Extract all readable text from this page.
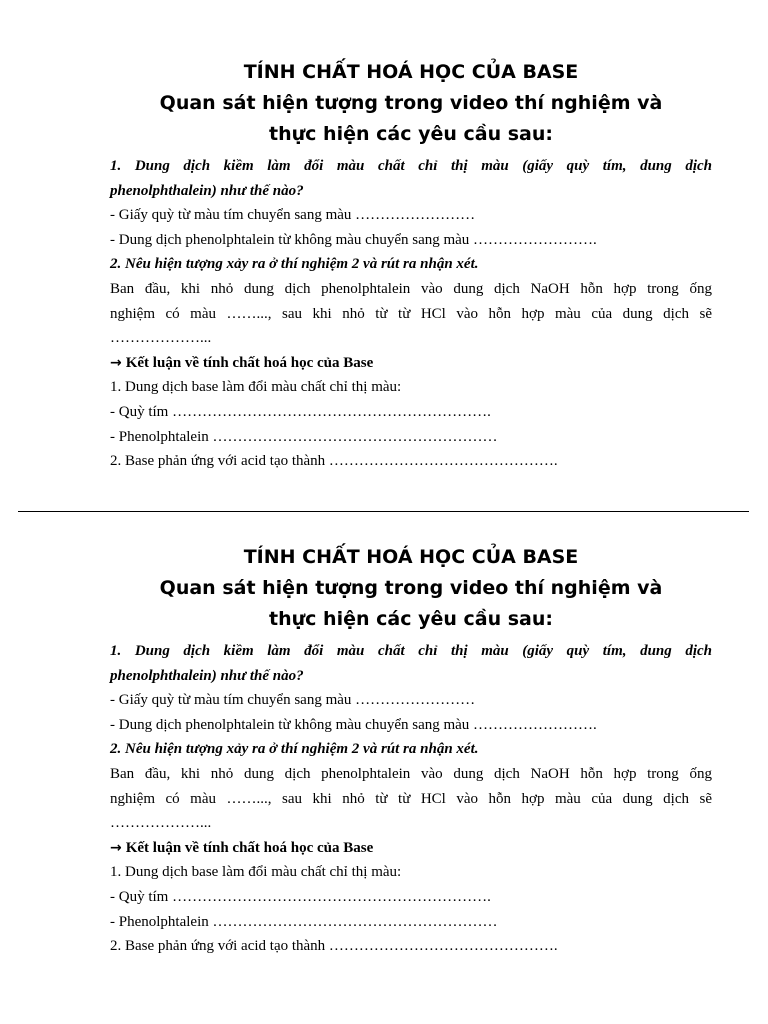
TÍNH CHẤT HOÁ HỌC CỦA BASE

Quan sát hiện tượng trong video thí nghiệm và

thực hiện các yêu cầu sau:

1. Dung dịch kiềm làm đổi màu chất chỉ thị màu (giấy quỳ tím, dung dịch

phenolphthalein) như thế nào?

- Giấy quỳ từ màu tím chuyển sang màu ……………………

- Dung dịch phenolphtalein từ không màu chuyển sang màu …………………….

2. Nêu hiện tượng xảy ra ở thí nghiệm 2 và rút ra nhận xét.

Ban đầu, khi nhỏ dung dịch phenolphtalein vào dung dịch NaOH hỗn hợp trong ống

nghiệm có màu ……..., sau khi nhỏ từ từ HCl vào hỗn hợp màu của dung dịch sẽ

………………...

→ Kết luận về tính chất hoá học của Base

1. Dung dịch base làm đổi màu chất chỉ thị màu:

- Quỳ tím ……………………………………………………….

- Phenolphtalein …………………………………………………

2. Base phản ứng với acid tạo thành ……………………………………….

TÍNH CHẤT HOÁ HỌC CỦA BASE

Quan sát hiện tượng trong video thí nghiệm và

thực hiện các yêu cầu sau:

1. Dung dịch kiềm làm đổi màu chất chỉ thị màu (giấy quỳ tím, dung dịch

phenolphthalein) như thế nào?

- Giấy quỳ từ màu tím chuyển sang màu ……………………

- Dung dịch phenolphtalein từ không màu chuyển sang màu …………………….

2. Nêu hiện tượng xảy ra ở thí nghiệm 2 và rút ra nhận xét.

Ban đầu, khi nhỏ dung dịch phenolphtalein vào dung dịch NaOH hỗn hợp trong ống

nghiệm có màu ……..., sau khi nhỏ từ từ HCl vào hỗn hợp màu của dung dịch sẽ

………………...

→ Kết luận về tính chất hoá học của Base

1. Dung dịch base làm đổi màu chất chỉ thị màu:

- Quỳ tím ……………………………………………………….

- Phenolphtalein …………………………………………………

2. Base phản ứng với acid tạo thành ……………………………………….
